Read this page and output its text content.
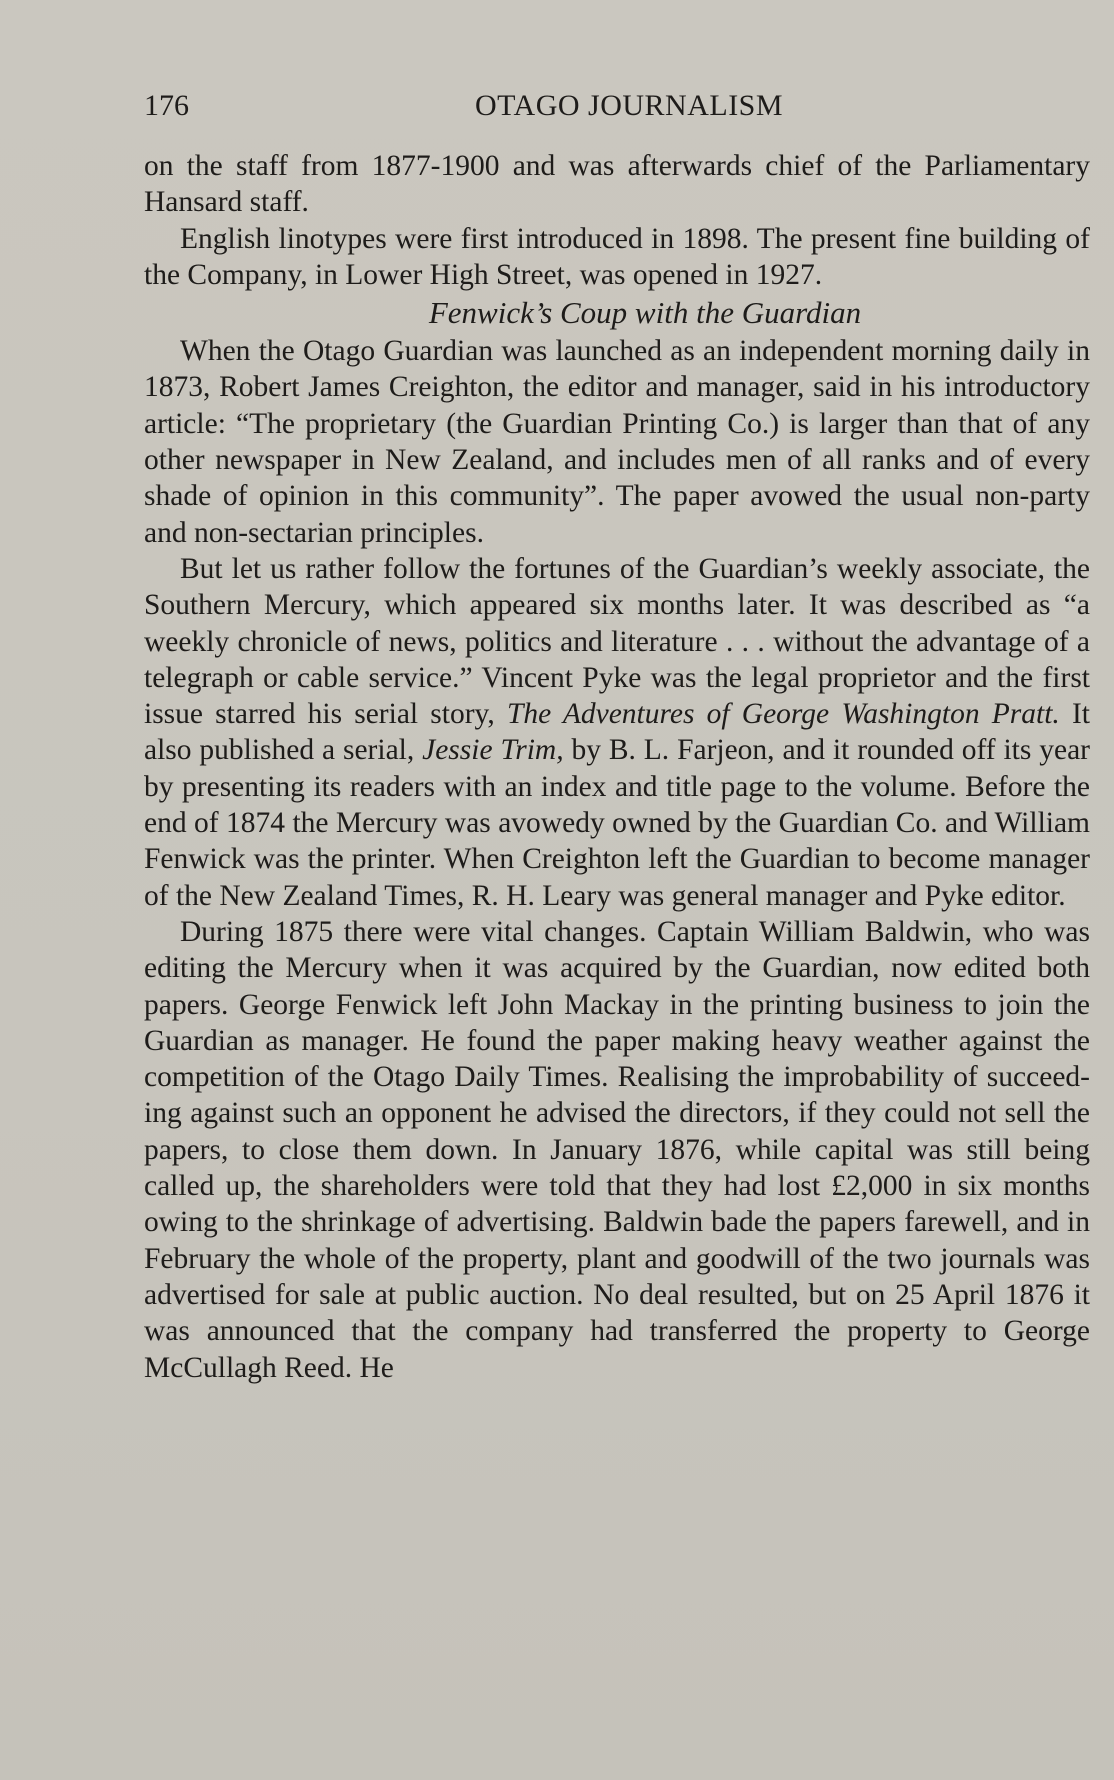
176	OTAGO JOURNALISM

on the staff from 1877-1900 and was afterwards chief of the Parliamentary Hansard staff.

English linotypes were first introduced in 1898. The present fine building of the Company, in Lower High Street, was opened in 1927.

Fenwick’s Coup with the Guardian

When the Otago Guardian was launched as an independent morning daily in 1873, Robert James Creighton, the editor and manager, said in his introductory article: “The proprietary (the Guardian Printing Co.) is larger than that of any other newspaper in New Zealand, and includes men of all ranks and of every shade of opinion in this community”. The paper avowed the usual non-party and non-sectarian principles.

But let us rather follow the fortunes of the Guardian’s weekly associate, the Southern Mercury, which appeared six months later. It was described as “a weekly chronicle of news, politics and literature . . . without the advantage of a telegraph or cable service.” Vincent Pyke was the legal proprietor and the first issue starred his serial story, The Adventures of George Washington Pratt. It also published a serial, Jessie Trim, by B. L. Farjeon, and it rounded off its year by presenting its readers with an index and title page to the volume. Before the end of 1874 the Mercury was avowedy owned by the Guardian Co. and William Fenwick was the printer. When Creighton left the Guardian to become manager of the New Zealand Times, R. H. Leary was general manager and Pyke editor.

During 1875 there were vital changes. Captain William Baldwin, who was editing the Mercury when it was acquired by the Guardian, now edited both papers. George Fenwick left John Mackay in the printing business to join the Guardian as manager. He found the paper making heavy weather against the competition of the Otago Daily Times. Realising the improbability of succeeding against such an opponent he advised the directors, if they could not sell the papers, to close them down. In January 1876, while capital was still being called up, the shareholders were told that they had lost £2,000 in six months owing to the shrinkage of advertising. Baldwin bade the papers farewell, and in February the whole of the property, plant and goodwill of the two journals was advertised for sale at public auction. No deal resulted, but on 25 April 1876 it was announced that the company had transferred the property to George McCullagh Reed. He
